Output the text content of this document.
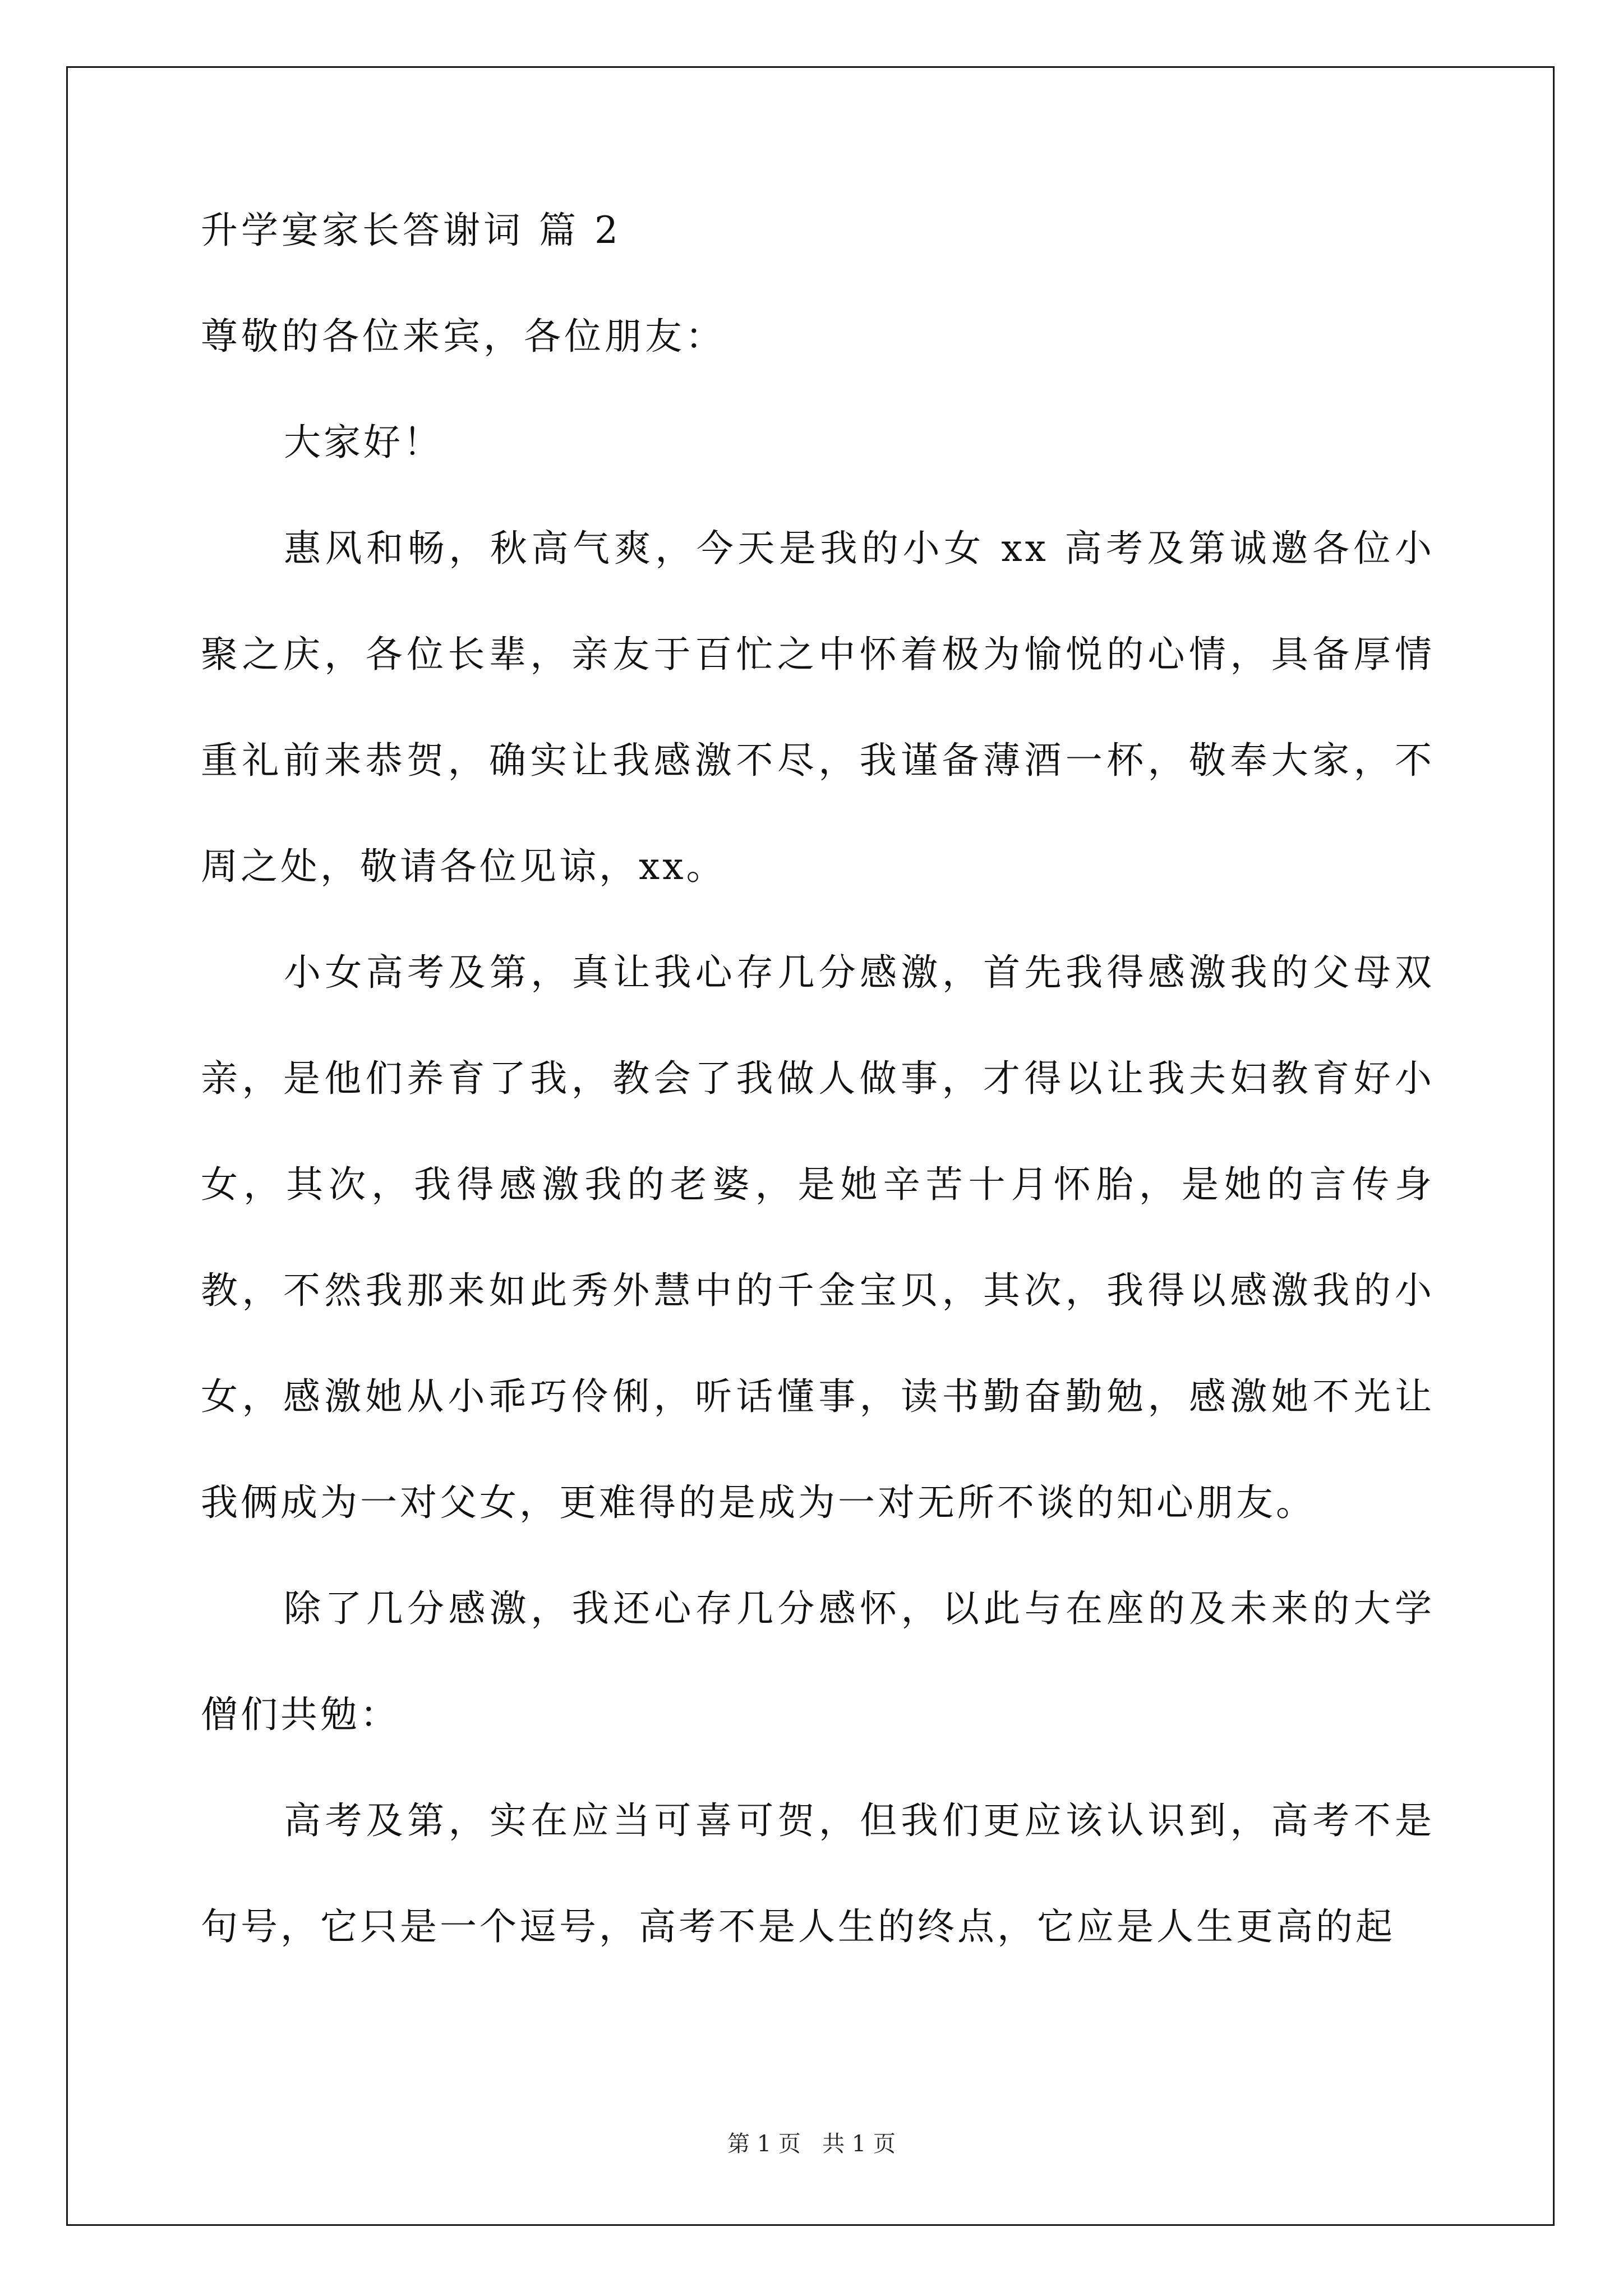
升学宴家长答谢词 篇 2
尊敬的各位来宾，各位朋友：

大家好！

惠风和畅，秋高气爽，今天是我的小女 xx 高考及第诚邀各位小聚之庆，各位长辈，亲友于百忙之中怀着极为愉悦的心情，具备厚情重礼前来恭贺，确实让我感激不尽，我谨备薄酒一杯，敬奉大家，不周之处，敬请各位见谅，xx。

小女高考及第，真让我心存几分感激，首先我得感激我的父母双亲，是他们养育了我，教会了我做人做事，才得以让我夫妇教育好小女，其次，我得感激我的老婆，是她辛苦十月怀胎，是她的言传身教，不然我那来如此秀外慧中的千金宝贝，其次，我得以感激我的小女，感激她从小乖巧伶俐，听话懂事，读书勤奋勤勉，感激她不光让我俩成为一对父女，更难得的是成为一对无所不谈的知心朋友。

除了几分感激，我还心存几分感怀，以此与在座的及未来的大学僧们共勉：

高考及第，实在应当可喜可贺，但我们更应该认识到，高考不是句号，它只是一个逗号，高考不是人生的终点，它应是人生更高的起

第 1 页   共 1 页
